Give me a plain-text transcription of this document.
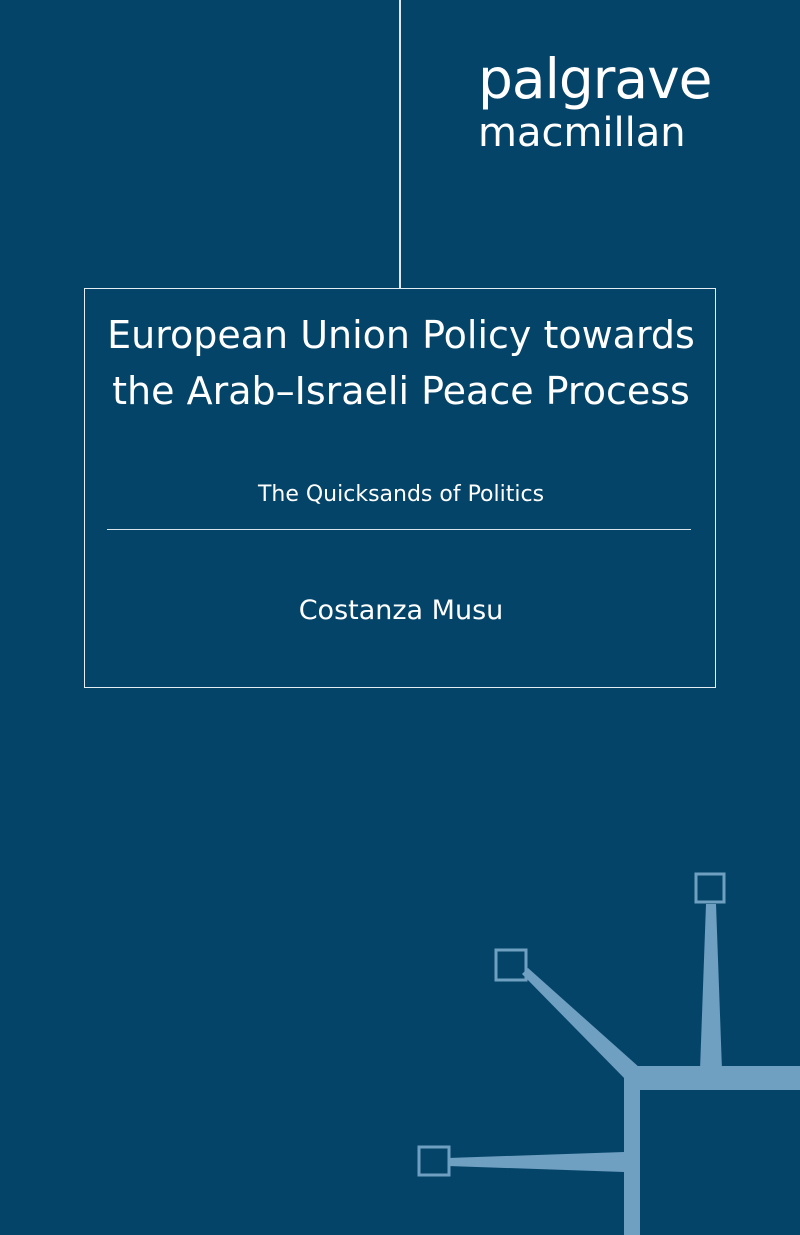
palgrave
macmillan
European Union Policy towards the Arab–Israeli Peace Process

The Quicksands of Politics

Costanza Musu
